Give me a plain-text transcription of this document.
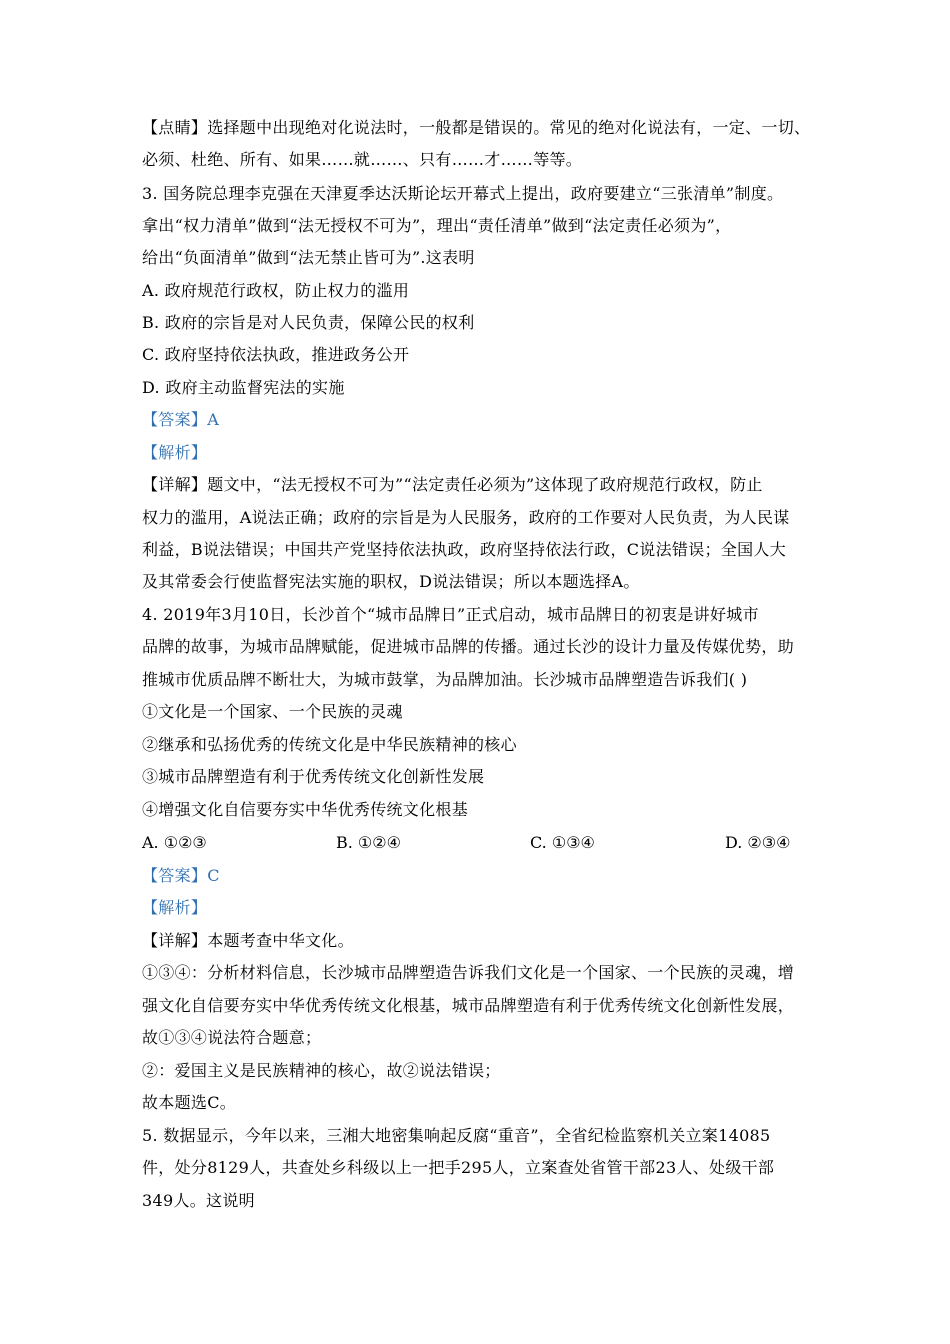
【点睛】选择题中出现绝对化说法时，一般都是错误的。常见的绝对化说法有，一定、一切、
必须、杜绝、所有、如果……就……、只有……才……等等。
3. 国务院总理李克强在天津夏季达沃斯论坛开幕式上提出，政府要建立“三张清单”制度。
拿出“权力清单”做到“法无授权不可为”，理出“责任清单”做到“法定责任必须为”，
给出“负面清单”做到“法无禁止皆可为”.这表明
A. 政府规范行政权，防止权力的滥用
B. 政府的宗旨是对人民负责，保障公民的权利
C. 政府坚持依法执政，推进政务公开
D. 政府主动监督宪法的实施
【答案】A
【解析】
【详解】题文中，“法无授权不可为”“法定责任必须为”这体现了政府规范行政权，防止
权力的滥用，A说法正确；政府的宗旨是为人民服务，政府的工作要对人民负责，为人民谋
利益，B说法错误；中国共产党坚持依法执政，政府坚持依法行政，C说法错误；全国人大
及其常委会行使监督宪法实施的职权，D说法错误；所以本题选择A。
4. 2019年3月10日，长沙首个“城市品牌日”正式启动，城市品牌日的初衷是讲好城市
品牌的故事，为城市品牌赋能，促进城市品牌的传播。通过长沙的设计力量及传媒优势，助
推城市优质品牌不断壮大，为城市鼓掌，为品牌加油。长沙城市品牌塑造告诉我们( )
①文化是一个国家、一个民族的灵魂
②继承和弘扬优秀的传统文化是中华民族精神的核心
③城市品牌塑造有利于优秀传统文化创新性发展
④增强文化自信要夯实中华优秀传统文化根基
A. ①②③	B. ①②④	C. ①③④	D. ②③④
【答案】C
【解析】
【详解】本题考查中华文化。
①③④：分析材料信息，长沙城市品牌塑造告诉我们文化是一个国家、一个民族的灵魂，增
强文化自信要夯实中华优秀传统文化根基，城市品牌塑造有利于优秀传统文化创新性发展，
故①③④说法符合题意；
②：爱国主义是民族精神的核心，故②说法错误；
故本题选C。
5. 数据显示，今年以来，三湘大地密集响起反腐“重音”，全省纪检监察机关立案14085
件，处分8129人，共查处乡科级以上一把手295人，立案查处省管干部23人、处级干部
349人。这说明
